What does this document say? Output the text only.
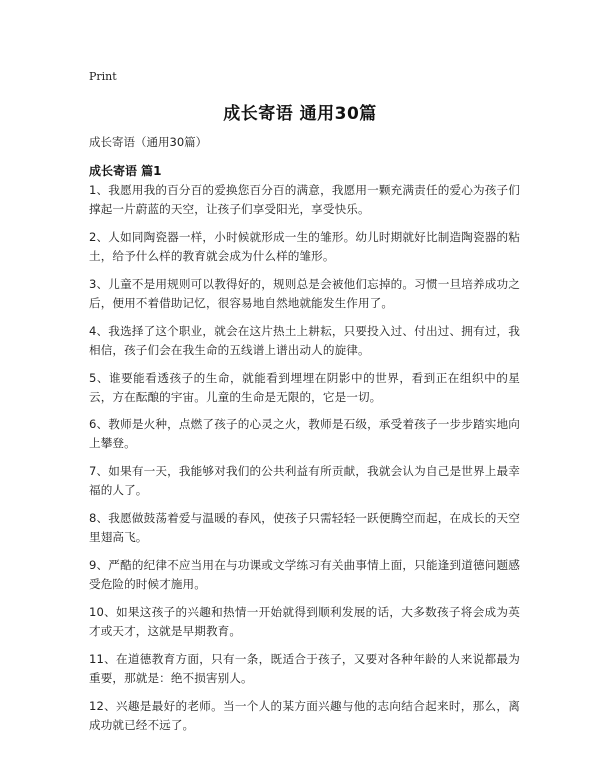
Print
成长寄语 通用30篇
成长寄语（通用30篇）
成长寄语 篇1

1、我愿用我的百分百的爱换您百分百的满意，我愿用一颗充满责任的爱心为孩子们撑起一片蔚蓝的天空，让孩子们享受阳光，享受快乐。

2、人如同陶瓷器一样，小时候就形成一生的雏形。幼儿时期就好比制造陶瓷器的粘土，给予什么样的教育就会成为什么样的雏形。

3、儿童不是用规则可以教得好的，规则总是会被他们忘掉的。习惯一旦培养成功之后，便用不着借助记忆，很容易地自然地就能发生作用了。

4、我选择了这个职业，就会在这片热土上耕耘，只要投入过、付出过、拥有过，我相信，孩子们会在我生命的五线谱上谱出动人的旋律。

5、谁要能看透孩子的生命，就能看到埋埋在阴影中的世界，看到正在组织中的星云，方在酝酿的宇宙。儿童的生命是无限的，它是一切。

6、教师是火种，点燃了孩子的心灵之火，教师是石级，承受着孩子一步步踏实地向上攀登。

7、如果有一天，我能够对我们的公共利益有所贡献，我就会认为自己是世界上最幸福的人了。

8、我愿做鼓荡着爱与温暖的春风，使孩子只需轻轻一跃便腾空而起，在成长的天空里翅高飞。

9、严酷的纪律不应当用在与功课或文学练习有关曲事情上面，只能逢到道德问题感受危险的时候才施用。

10、如果这孩子的兴趣和热情一开始就得到顺利发展的话，大多数孩子将会成为英才或天才，这就是早期教育。

11、在道德教育方面，只有一条，既适合于孩子，又要对各种年龄的人来说都最为重要，那就是：绝不损害别人。

12、兴趣是最好的老师。当一个人的某方面兴趣与他的志向结合起来时，那么，离成功就已经不远了。
